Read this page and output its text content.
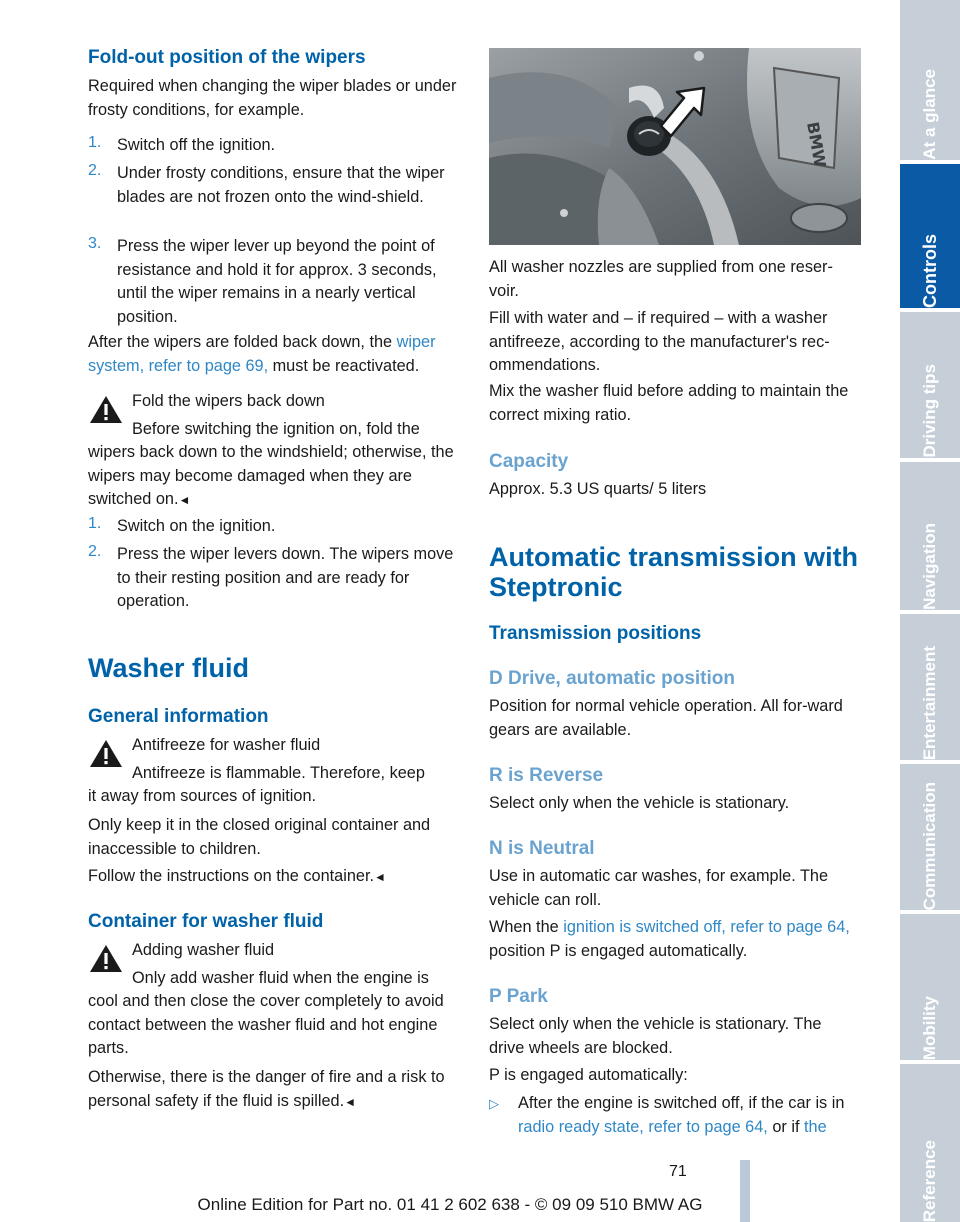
Fold-out position of the wipers

Required when changing the wiper blades or under frosty conditions, for example.

1. Switch off the ignition.

2. Under frosty conditions, ensure that the wiper blades are not frozen onto the wind-shield.

3. Press the wiper lever up beyond the point of resistance and hold it for approx. 3 seconds, until the wiper remains in a nearly vertical position.

After the wipers are folded back down, the wiper system, refer to page 69, must be reactivated.

Fold the wipers back down

Before switching the ignition on, fold the

wipers back down to the windshield; otherwise, the wipers may become damaged when they are switched on.◄

1. Switch on the ignition.

2. Press the wiper levers down. The wipers move to their resting position and are ready for operation.

Washer fluid

General information

Antifreeze for washer fluid

Antifreeze is flammable. Therefore, keep

it away from sources of ignition.

Only keep it in the closed original container and inaccessible to children.

Follow the instructions on the container.◄

Container for washer fluid

Adding washer fluid

Only add washer fluid when the engine is

cool and then close the cover completely to avoid contact between the washer fluid and hot engine parts.

Otherwise, there is the danger of fire and a risk to personal safety if the fluid is spilled.◄

BMW

All washer nozzles are supplied from one reser-voir.

Fill with water and – if required – with a washer antifreeze, according to the manufacturer's rec-ommendations.

Mix the washer fluid before adding to maintain the correct mixing ratio.

Capacity

Approx. 5.3 US quarts/ 5 liters

Automatic transmission with Steptronic

Transmission positions

D Drive, automatic position

Position for normal vehicle operation. All for-ward gears are available.

R is Reverse

Select only when the vehicle is stationary.

N is Neutral

Use in automatic car washes, for example. The vehicle can roll.

When the ignition is switched off, refer to page 64, position P is engaged automatically.

P Park

Select only when the vehicle is stationary. The drive wheels are blocked.

P is engaged automatically:

▷ After the engine is switched off, if the car is in radio ready state, refer to page 64, or if the

At a glance
Controls
Driving tips
Navigation
Entertainment
Communication
Mobility
Reference
71
Online Edition for Part no. 01 41 2 602 638 - © 09 09 510 BMW AG
